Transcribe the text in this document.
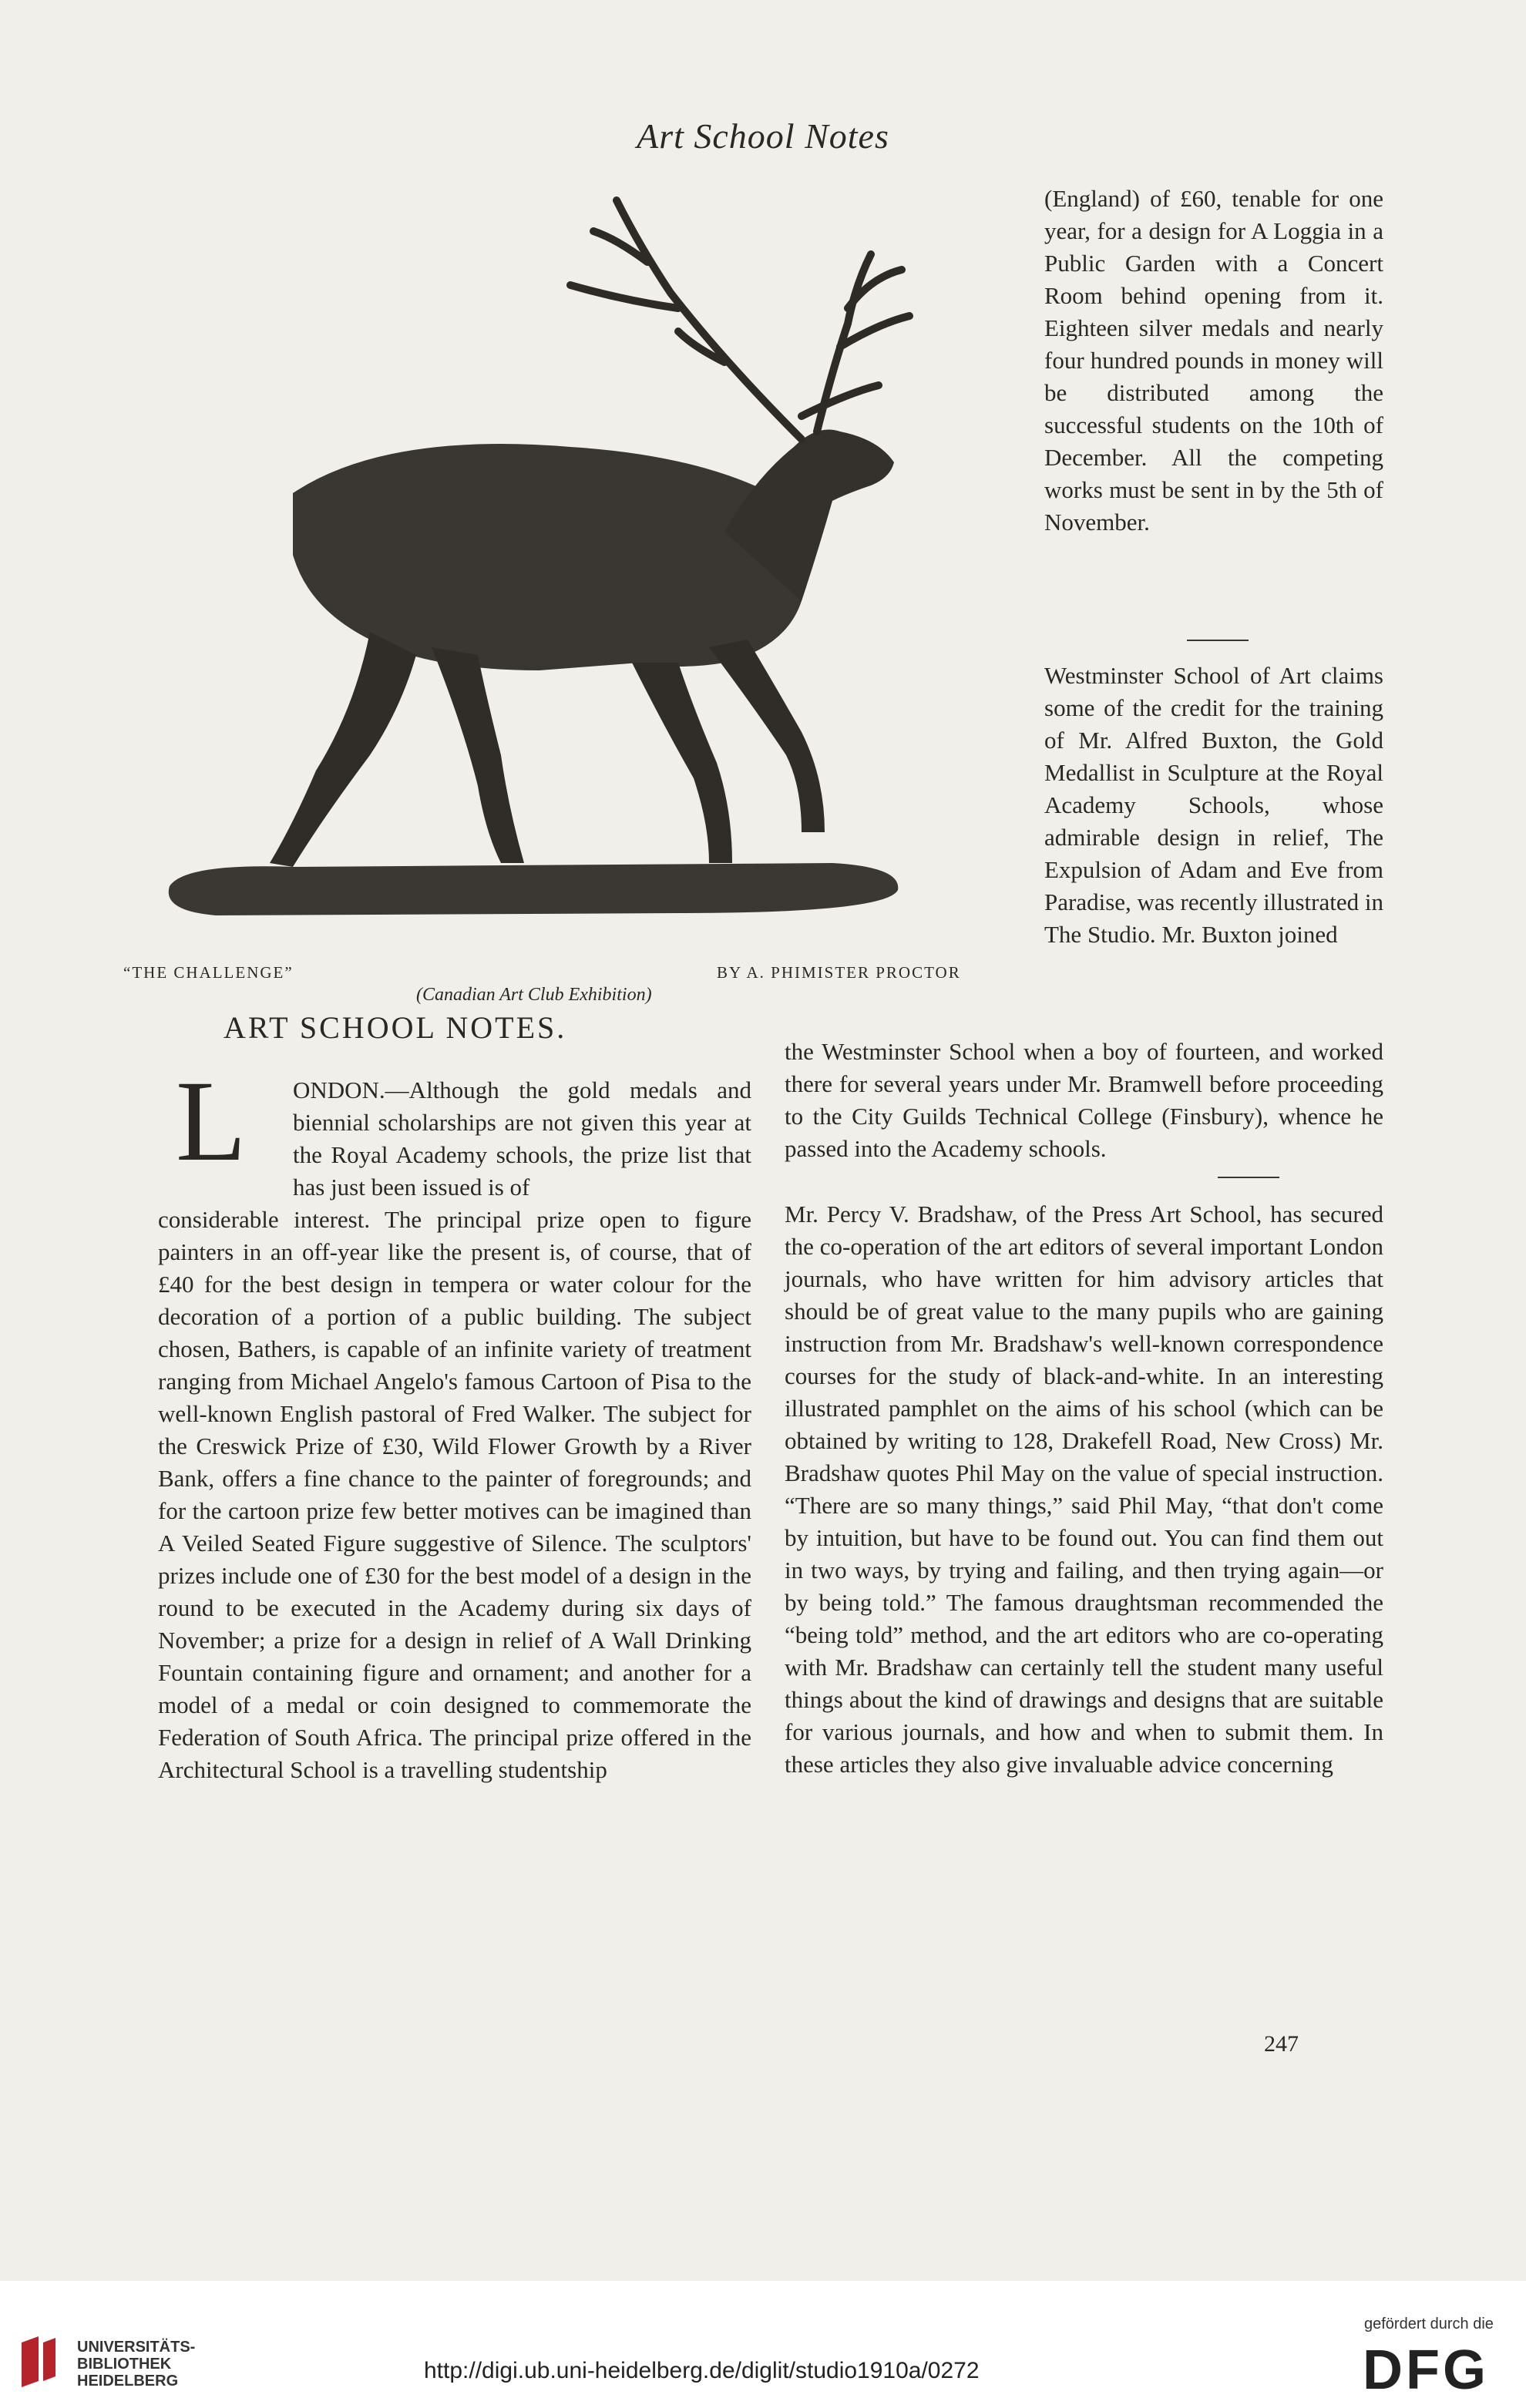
Art School Notes
“THE CHALLENGE”	BY A. PHIMISTER PROCTOR
(Canadian Art Club Exhibition)

(England) of £60, tenable for one year, for a design for A Loggia in a Public Garden with a Concert Room behind opening from it. Eighteen silver medals and nearly four hundred pounds in money will be distributed among the successful students on the 10th of December. All the competing works must be sent in by the 5th of November.

Westminster School of Art claims some of the credit for the training of Mr. Alfred Buxton, the Gold Medallist in Sculpture at the Royal Academy Schools, whose admirable design in relief, The Expulsion of Adam and Eve from Paradise, was recently illustrated in The Studio. Mr. Buxton joined

the Westminster School when a boy of fourteen, and worked there for several years under Mr. Bramwell before proceeding to the City Guilds Technical College (Finsbury), whence he passed into the Academy schools.

Mr. Percy V. Bradshaw, of the Press Art School, has secured the co-operation of the art editors of several important London journals, who have written for him advisory articles that should be of great value to the many pupils who are gaining instruction from Mr. Bradshaw's well-known correspondence courses for the study of black-and-white. In an interesting illustrated pamphlet on the aims of his school (which can be obtained by writing to 128, Drakefell Road, New Cross) Mr. Bradshaw quotes Phil May on the value of special instruction. “There are so many things,” said Phil May, “that don't come by intuition, but have to be found out. You can find them out in two ways, by trying and failing, and then trying again—or by being told.” The famous draughtsman recommended the “being told” method, and the art editors who are co-operating with Mr. Bradshaw can certainly tell the student many useful things about the kind of drawings and designs that are suitable for various journals, and how and when to submit them. In these articles they also give invaluable advice concerning

ART SCHOOL NOTES.
L ONDON.—Although the gold medals and biennial scholarships are not given this year at the Royal Academy schools, the prize list that has just been issued is of

considerable interest. The principal prize open to figure painters in an off-year like the present is, of course, that of £40 for the best design in tempera or water colour for the decoration of a portion of a public building. The subject chosen, Bathers, is capable of an infinite variety of treatment ranging from Michael Angelo's famous Cartoon of Pisa to the well-known English pastoral of Fred Walker. The subject for the Creswick Prize of £30, Wild Flower Growth by a River Bank, offers a fine chance to the painter of foregrounds; and for the cartoon prize few better motives can be imagined than A Veiled Seated Figure suggestive of Silence. The sculptors' prizes include one of £30 for the best model of a design in the round to be executed in the Academy during six days of November; a prize for a design in relief of A Wall Drinking Fountain containing figure and ornament; and another for a model of a medal or coin designed to commemorate the Federation of South Africa. The principal prize offered in the Architectural School is a travelling studentship

247
UNIVERSITÄTS-
BIBLIOTHEK
HEIDELBERG	http://digi.ub.uni-heidelberg.de/diglit/studio1910a/0272
gefördert durch die
DFG
